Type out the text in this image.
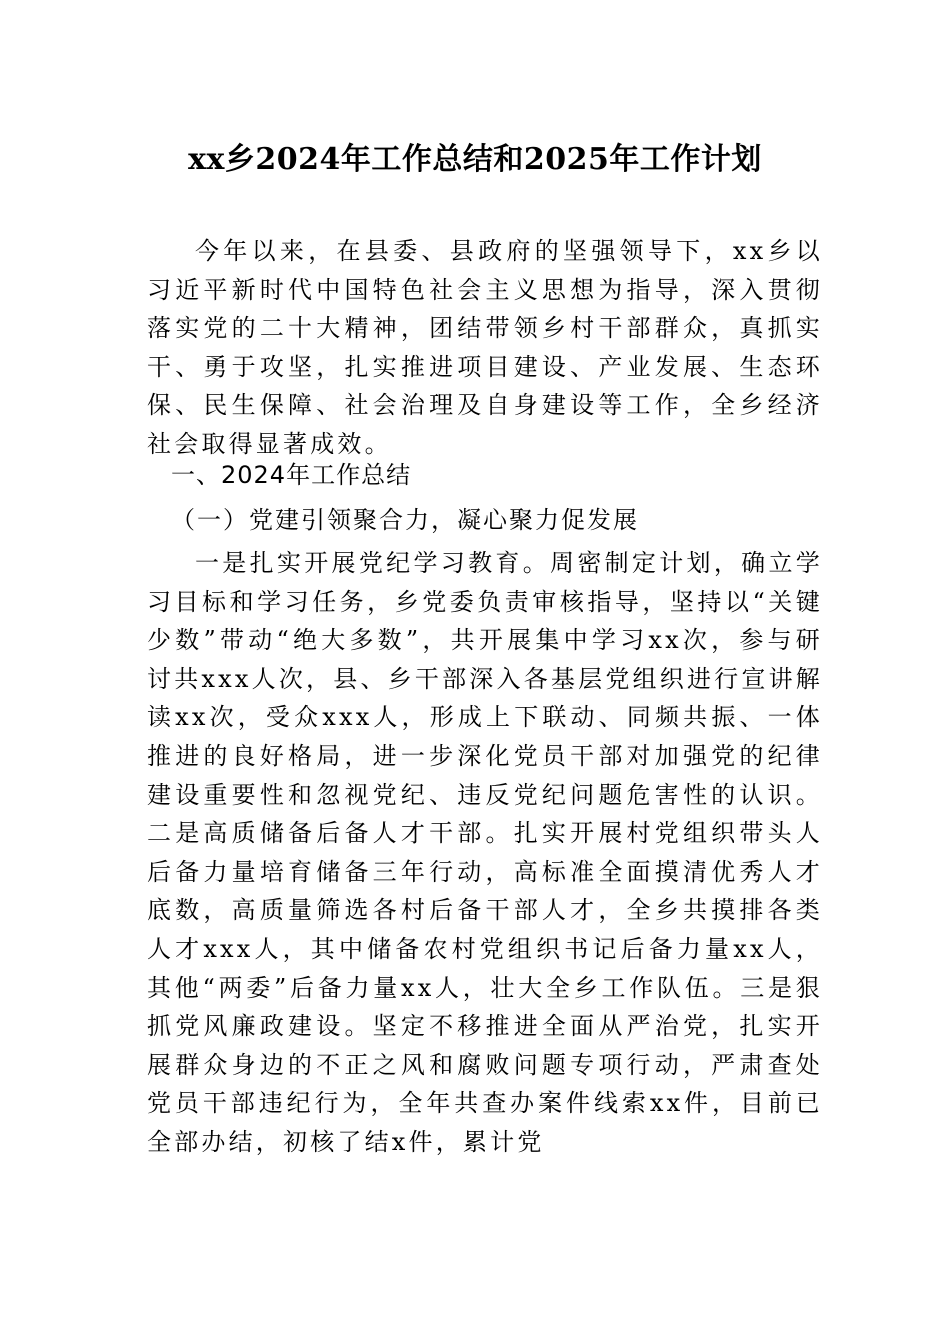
xx乡2024年工作总结和2025年工作计划

今年以来，在县委、县政府的坚强领导下，xx乡以习近平新时代中国特色社会主义思想为指导，深入贯彻落实党的二十大精神，团结带领乡村干部群众，真抓实干、勇于攻坚，扎实推进项目建设、产业发展、生态环保、民生保障、社会治理及自身建设等工作，全乡经济社会取得显著成效。

一、2024年工作总结
（一）党建引领聚合力，凝心聚力促发展

一是扎实开展党纪学习教育。周密制定计划，确立学习目标和学习任务，乡党委负责审核指导，坚持以“关键少数”带动“绝大多数”，共开展集中学习xx次，参与研讨共xxx人次，县、乡干部深入各基层党组织进行宣讲解读xx次，受众xxx人，形成上下联动、同频共振、一体推进的良好格局，进一步深化党员干部对加强党的纪律建设重要性和忽视党纪、违反党纪问题危害性的认识。二是高质储备后备人才干部。扎实开展村党组织带头人后备力量培育储备三年行动，高标准全面摸清优秀人才底数，高质量筛选各村后备干部人才，全乡共摸排各类人才xxx人，其中储备农村党组织书记后备力量xx人，其他“两委”后备力量xx人，壮大全乡工作队伍。三是狠抓党风廉政建设。坚定不移推进全面从严治党，扎实开展群众身边的不正之风和腐败问题专项行动，严肃查处党员干部违纪行为，全年共查办案件线索xx件，目前已全部办结，初核了结x件，累计党
